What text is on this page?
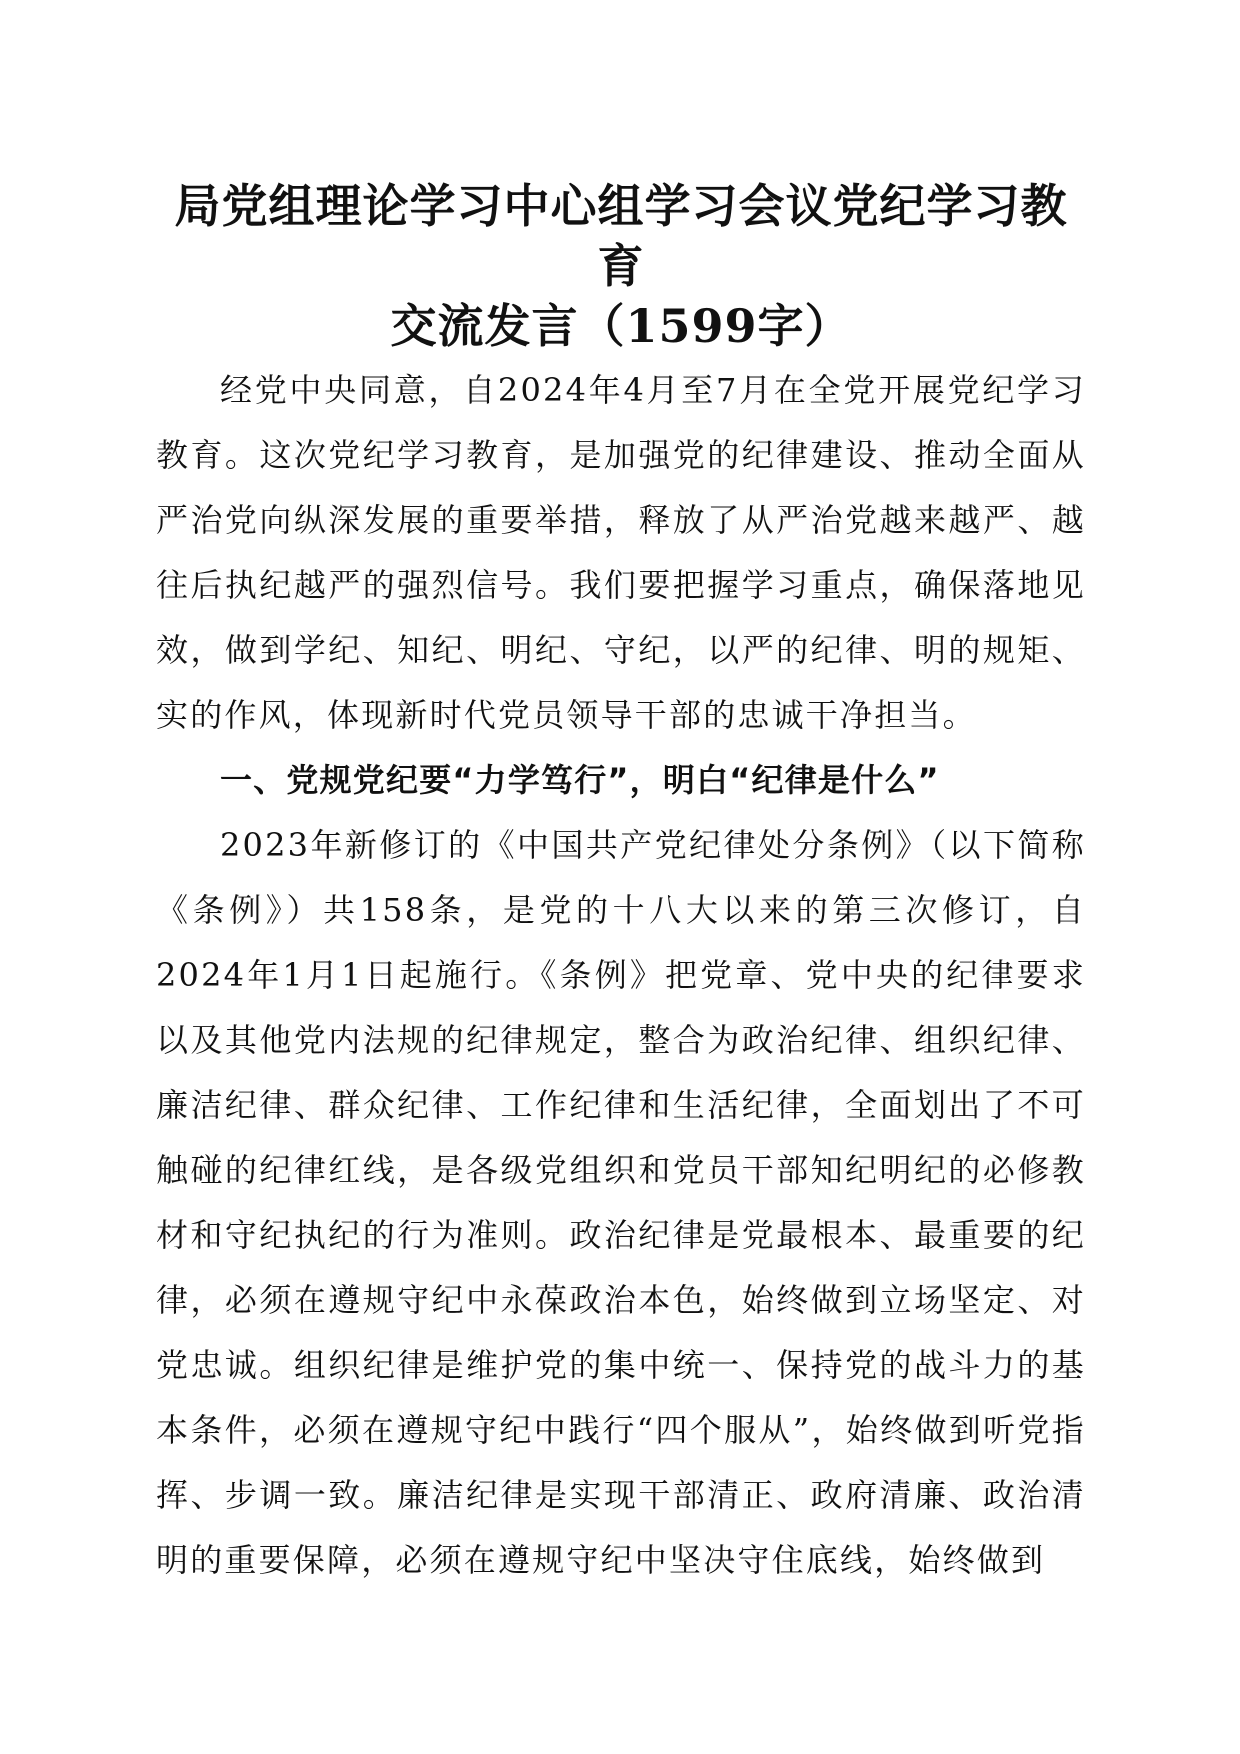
局党组理论学习中心组学习会议党纪学习教育
交流发言（1599字）

经党中央同意，自2024年4月至7月在全党开展党纪学习教育。这次党纪学习教育，是加强党的纪律建设、推动全面从严治党向纵深发展的重要举措，释放了从严治党越来越严、越往后执纪越严的强烈信号。我们要把握学习重点，确保落地见效，做到学纪、知纪、明纪、守纪，以严的纪律、明的规矩、实的作风，体现新时代党员领导干部的忠诚干净担当。

一、党规党纪要“力学笃行”，明白“纪律是什么”

2023年新修订的《中国共产党纪律处分条例》（以下简称《条例》）共158条，是党的十八大以来的第三次修订，自2024年1月1日起施行。《条例》把党章、党中央的纪律要求以及其他党内法规的纪律规定，整合为政治纪律、组织纪律、廉洁纪律、群众纪律、工作纪律和生活纪律，全面划出了不可触碰的纪律红线，是各级党组织和党员干部知纪明纪的必修教材和守纪执纪的行为准则。政治纪律是党最根本、最重要的纪律，必须在遵规守纪中永葆政治本色，始终做到立场坚定、对党忠诚。组织纪律是维护党的集中统一、保持党的战斗力的基本条件，必须在遵规守纪中践行“四个服从”，始终做到听党指挥、步调一致。廉洁纪律是实现干部清正、政府清廉、政治清明的重要保障，必须在遵规守纪中坚决守住底线，始终做到
